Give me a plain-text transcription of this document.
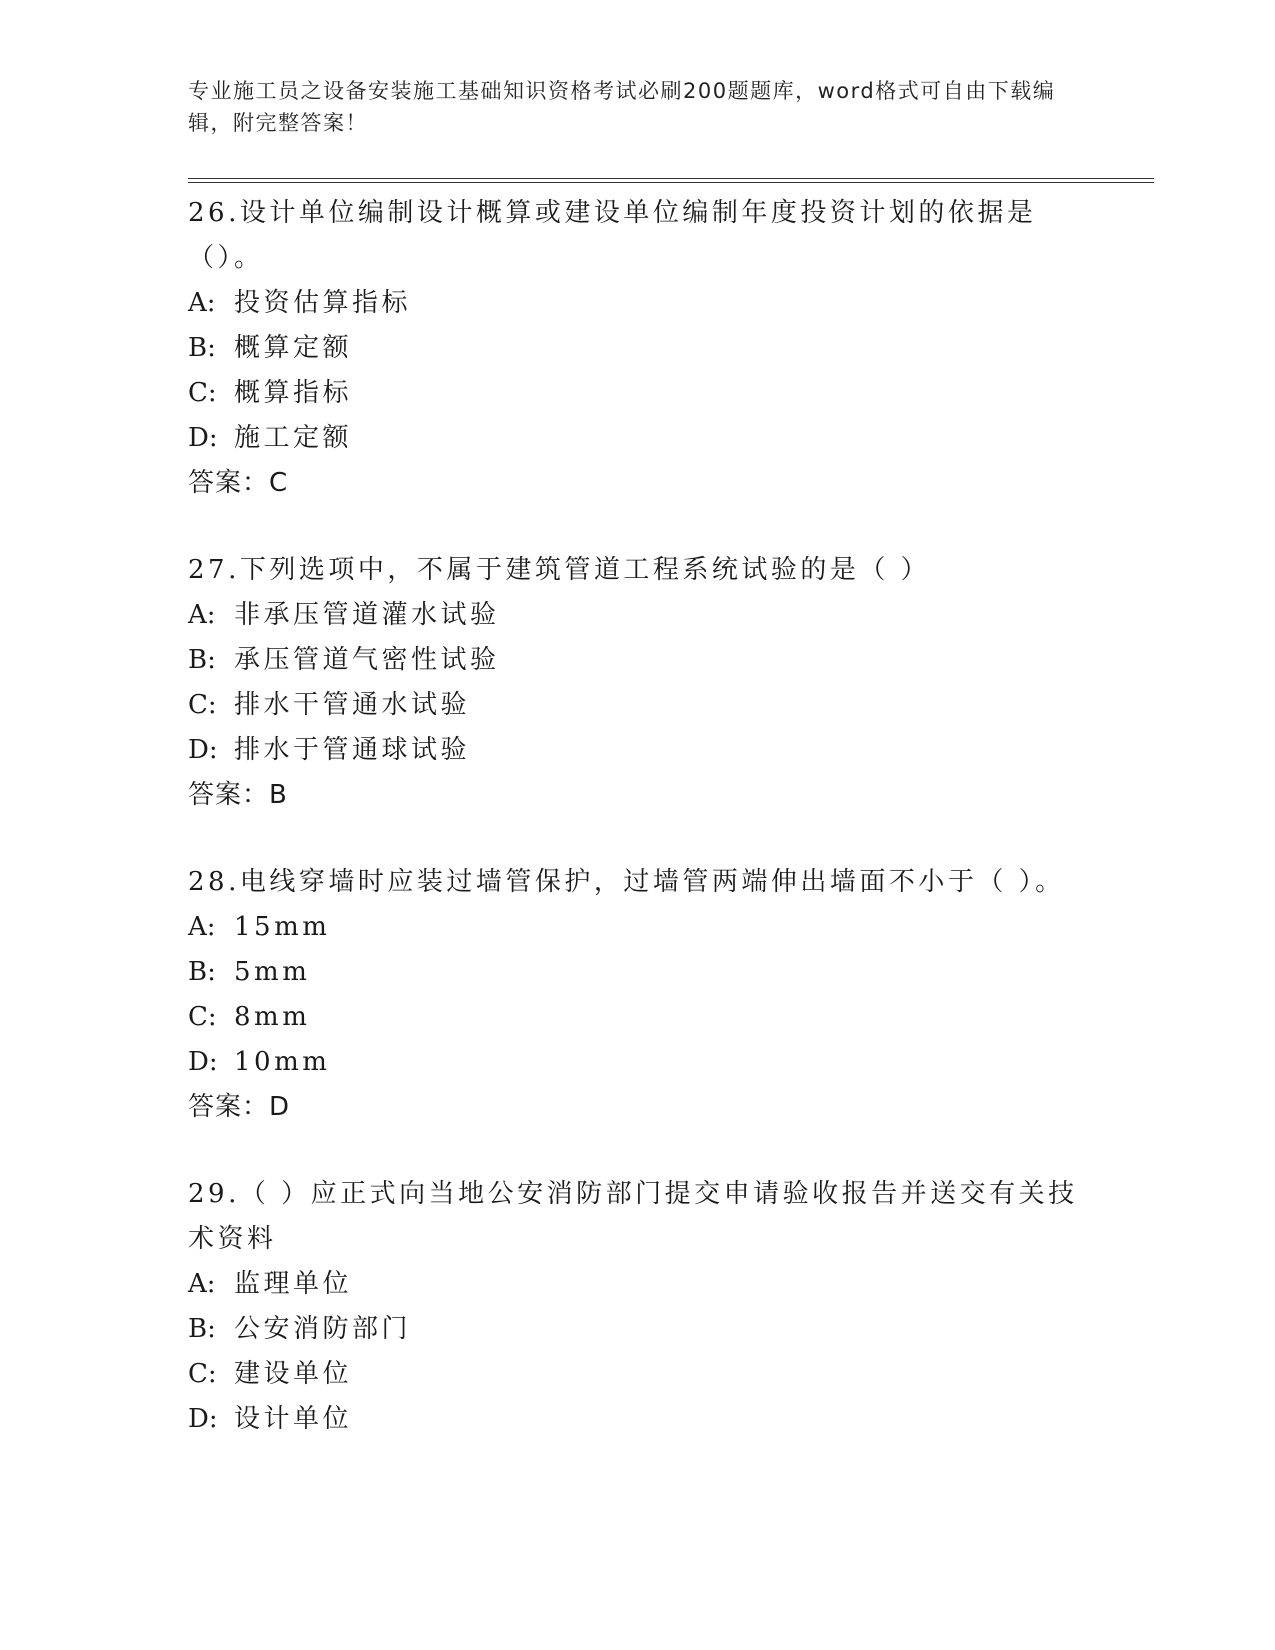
专业施工员之设备安装施工基础知识资格考试必刷200题题库，word格式可自由下载编辑，附完整答案！

26.设计单位编制设计概算或建设单位编制年度投资计划的依据是（）。

A: 投资估算指标
B: 概算定额
C: 概算指标
D: 施工定额
答案： C

27.下列选项中，不属于建筑管道工程系统试验的是（ ）

A: 非承压管道灌水试验
B: 承压管道气密性试验
C: 排水干管通水试验
D: 排水于管通球试验
答案： B

28.电线穿墙时应装过墙管保护，过墙管两端伸出墙面不小于（ ）。

A: 15mm
B: 5mm
C: 8mm
D: 10mm
答案： D

29.（ ）应正式向当地公安消防部门提交申请验收报告并送交有关技术资料

A: 监理单位
B: 公安消防部门
C: 建设单位
D: 设计单位
